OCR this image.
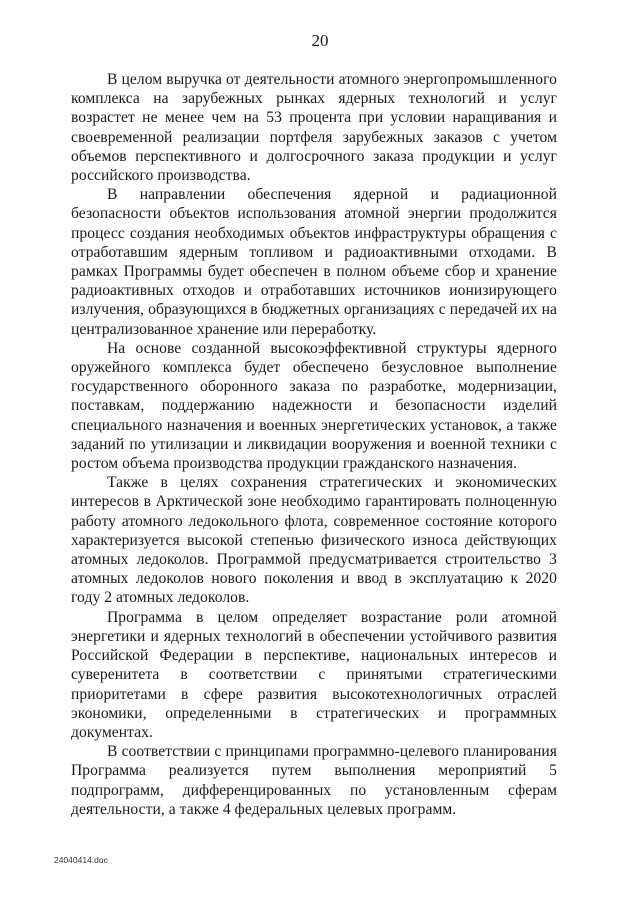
20

В целом выручка от деятельности атомного энергопромышленного комплекса на зарубежных рынках ядерных технологий и услуг возрастет не менее чем на 53 процента при условии наращивания и своевременной реализации портфеля зарубежных заказов с учетом объемов перспективного и долгосрочного заказа продукции и услуг российского производства.

В направлении обеспечения ядерной и радиационной безопасности объектов использования атомной энергии продолжится процесс создания необходимых объектов инфраструктуры обращения с отработавшим ядерным топливом и радиоактивными отходами. В рамках Программы будет обеспечен в полном объеме сбор и хранение радиоактивных отходов и отработавших источников ионизирующего излучения, образующихся в бюджетных организациях с передачей их на централизованное хранение или переработку.

На основе созданной высокоэффективной структуры ядерного оружейного комплекса будет обеспечено безусловное выполнение государственного оборонного заказа по разработке, модернизации, поставкам, поддержанию надежности и безопасности изделий специального назначения и военных энергетических установок, а также заданий по утилизации и ликвидации вооружения и военной техники с ростом объема производства продукции гражданского назначения.

Также в целях сохранения стратегических и экономических интересов в Арктической зоне необходимо гарантировать полноценную работу атомного ледокольного флота, современное состояние которого характеризуется высокой степенью физического износа действующих атомных ледоколов. Программой предусматривается строительство 3 атомных ледоколов нового поколения и ввод в эксплуатацию к 2020 году 2 атомных ледоколов.

Программа в целом определяет возрастание роли атомной энергетики и ядерных технологий в обеспечении устойчивого развития Российской Федерации в перспективе, национальных интересов и суверенитета в соответствии с принятыми стратегическими приоритетами в сфере развития высокотехнологичных отраслей экономики, определенными в стратегических и программных документах.

В соответствии с принципами программно-целевого планирования Программа реализуется путем выполнения мероприятий 5 подпрограмм, дифференцированных по установленным сферам деятельности, а также 4 федеральных целевых программ.

24040414.doc
